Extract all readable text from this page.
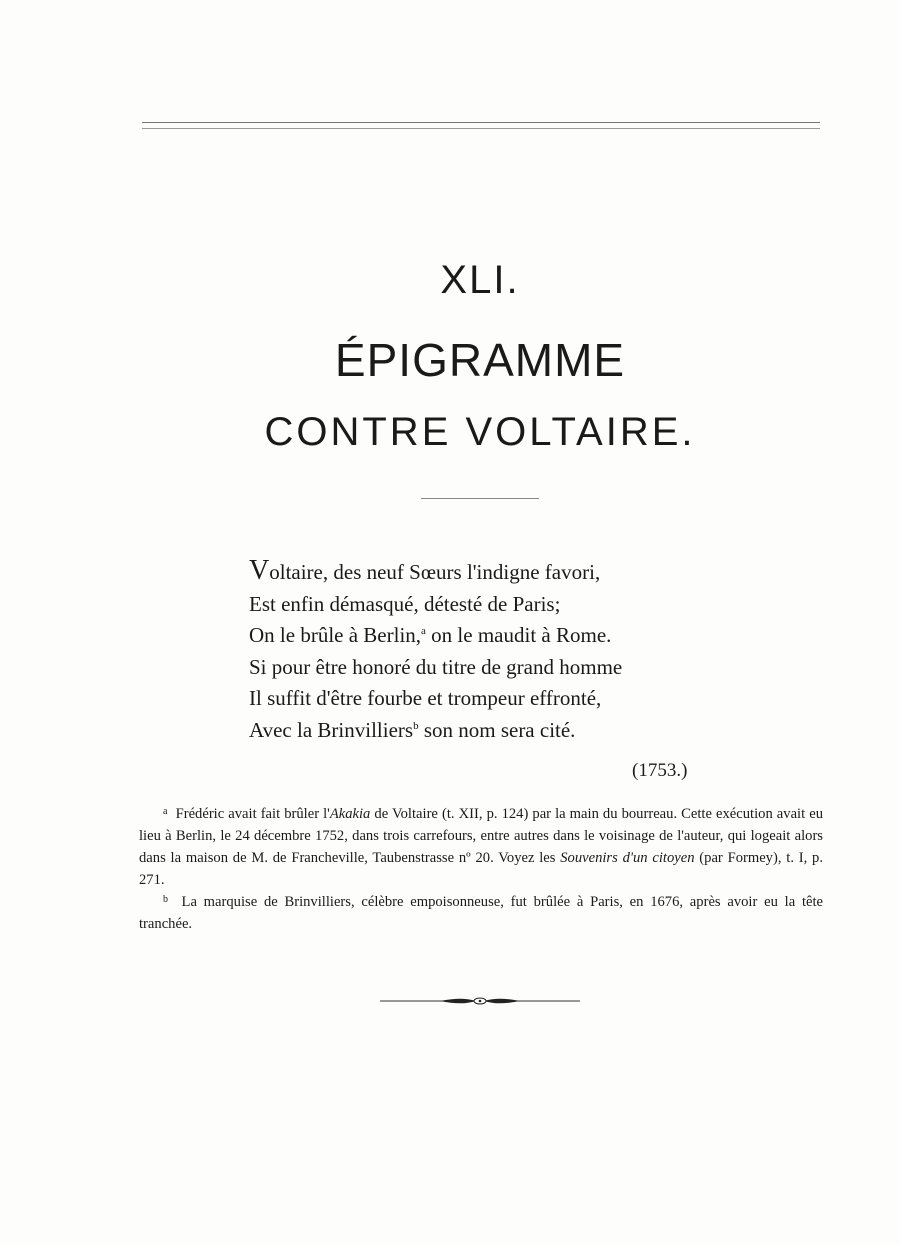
XLI.
ÉPIGRAMME
CONTRE VOLTAIRE.
Voltaire, des neuf Sœurs l'indigne favori,
Est enfin démasqué, détesté de Paris;
On le brûle à Berlin,$^a$ on le maudit à Rome.
Si pour être honoré du titre de grand homme
Il suffit d'être fourbe et trompeur effronté,
Avec la Brinvilliers$^b$ son nom sera cité.
(1753.)

$^a$ Frédéric avait fait brûler l'Akakia de Voltaire (t. XII, p. 124) par la main du bourreau. Cette exécution avait eu lieu à Berlin, le 24 décembre 1752, dans trois carrefours, entre autres dans le voisinage de l'auteur, qui logeait alors dans la maison de M. de Francheville, Taubenstrasse nº 20. Voyez les Souvenirs d'un citoyen (par Formey), t. I, p. 271.

$^b$ La marquise de Brinvilliers, célèbre empoisonneuse, fut brûlée à Paris, en 1676, après avoir eu la tête tranchée.
